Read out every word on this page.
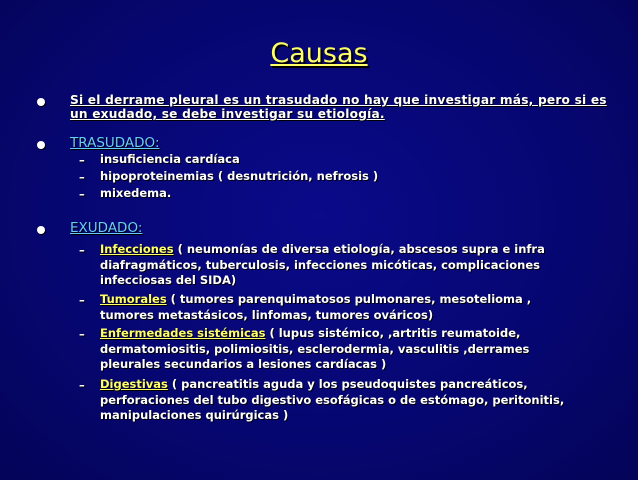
Causas
Si el derrame pleural es un trasudado no hay que investigar más, pero si es un exudado, se debe investigar su etiología.
TRASUDADO:
– insuficiencia cardíaca
– hipoproteinemias ( desnutrición, nefrosis )
– mixedema.
EXUDADO:
– Infecciones ( neumonías de diversa etiología, abscesos supra e infra diafragmáticos, tuberculosis, infecciones micóticas, complicaciones infecciosas del SIDA)
– Tumorales ( tumores parenquimatosos pulmonares, mesotelioma , tumores metastásicos, linfomas, tumores ováricos)
– Enfermedades sistémicas ( lupus sistémico, ,artritis reumatoide, dermatomiositis, polimiositis, esclerodermia, vasculitis ,derrames pleurales secundarios a lesiones cardíacas )
– Digestivas ( pancreatitis aguda y los pseudoquistes pancreáticos, perforaciones del tubo digestivo esofágicas o de estómago, peritonitis, manipulaciones quirúrgicas )
